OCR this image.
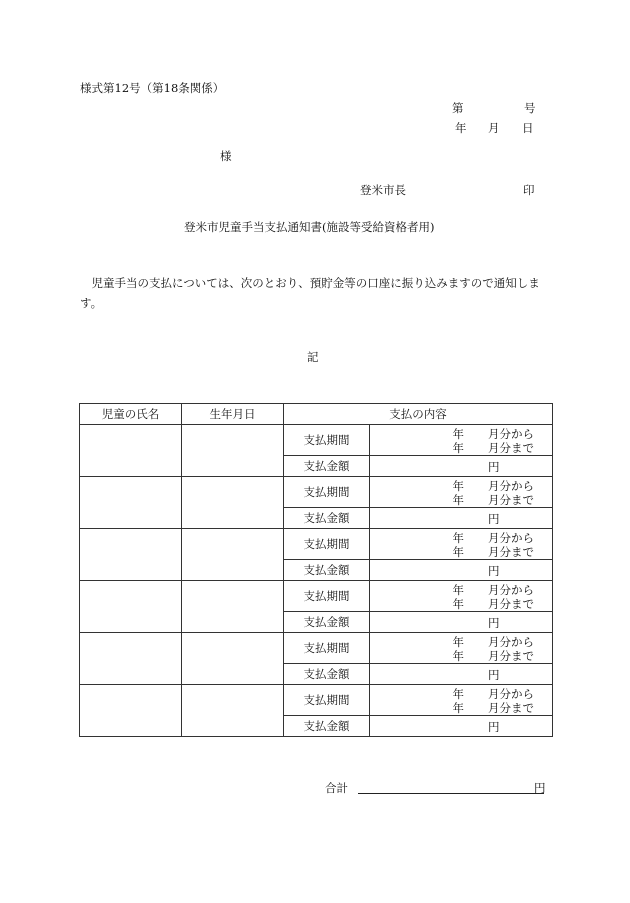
様式第12号（第18条関係）
第	号
年 月 日
様
登米市長	印
登米市児童手当支払通知書(施設等受給資格者用)
児童手当の支払については、次のとおり、預貯金等の口座に振り込みますので通知します。
記
児童の氏名	生年月日	支払の内容	
		支払期間	年 月分から
年 月分まで

		支払金額	円

		支払期間	年 月分から
年 月分まで

		支払金額	円

		支払期間	年 月分から
年 月分まで

		支払金額	円

		支払期間	年 月分から
年 月分まで

		支払金額	円

		支払期間	年 月分から
年 月分まで

		支払金額	円

		支払期間	年 月分から
年 月分まで

		支払金額	円
合計	円
